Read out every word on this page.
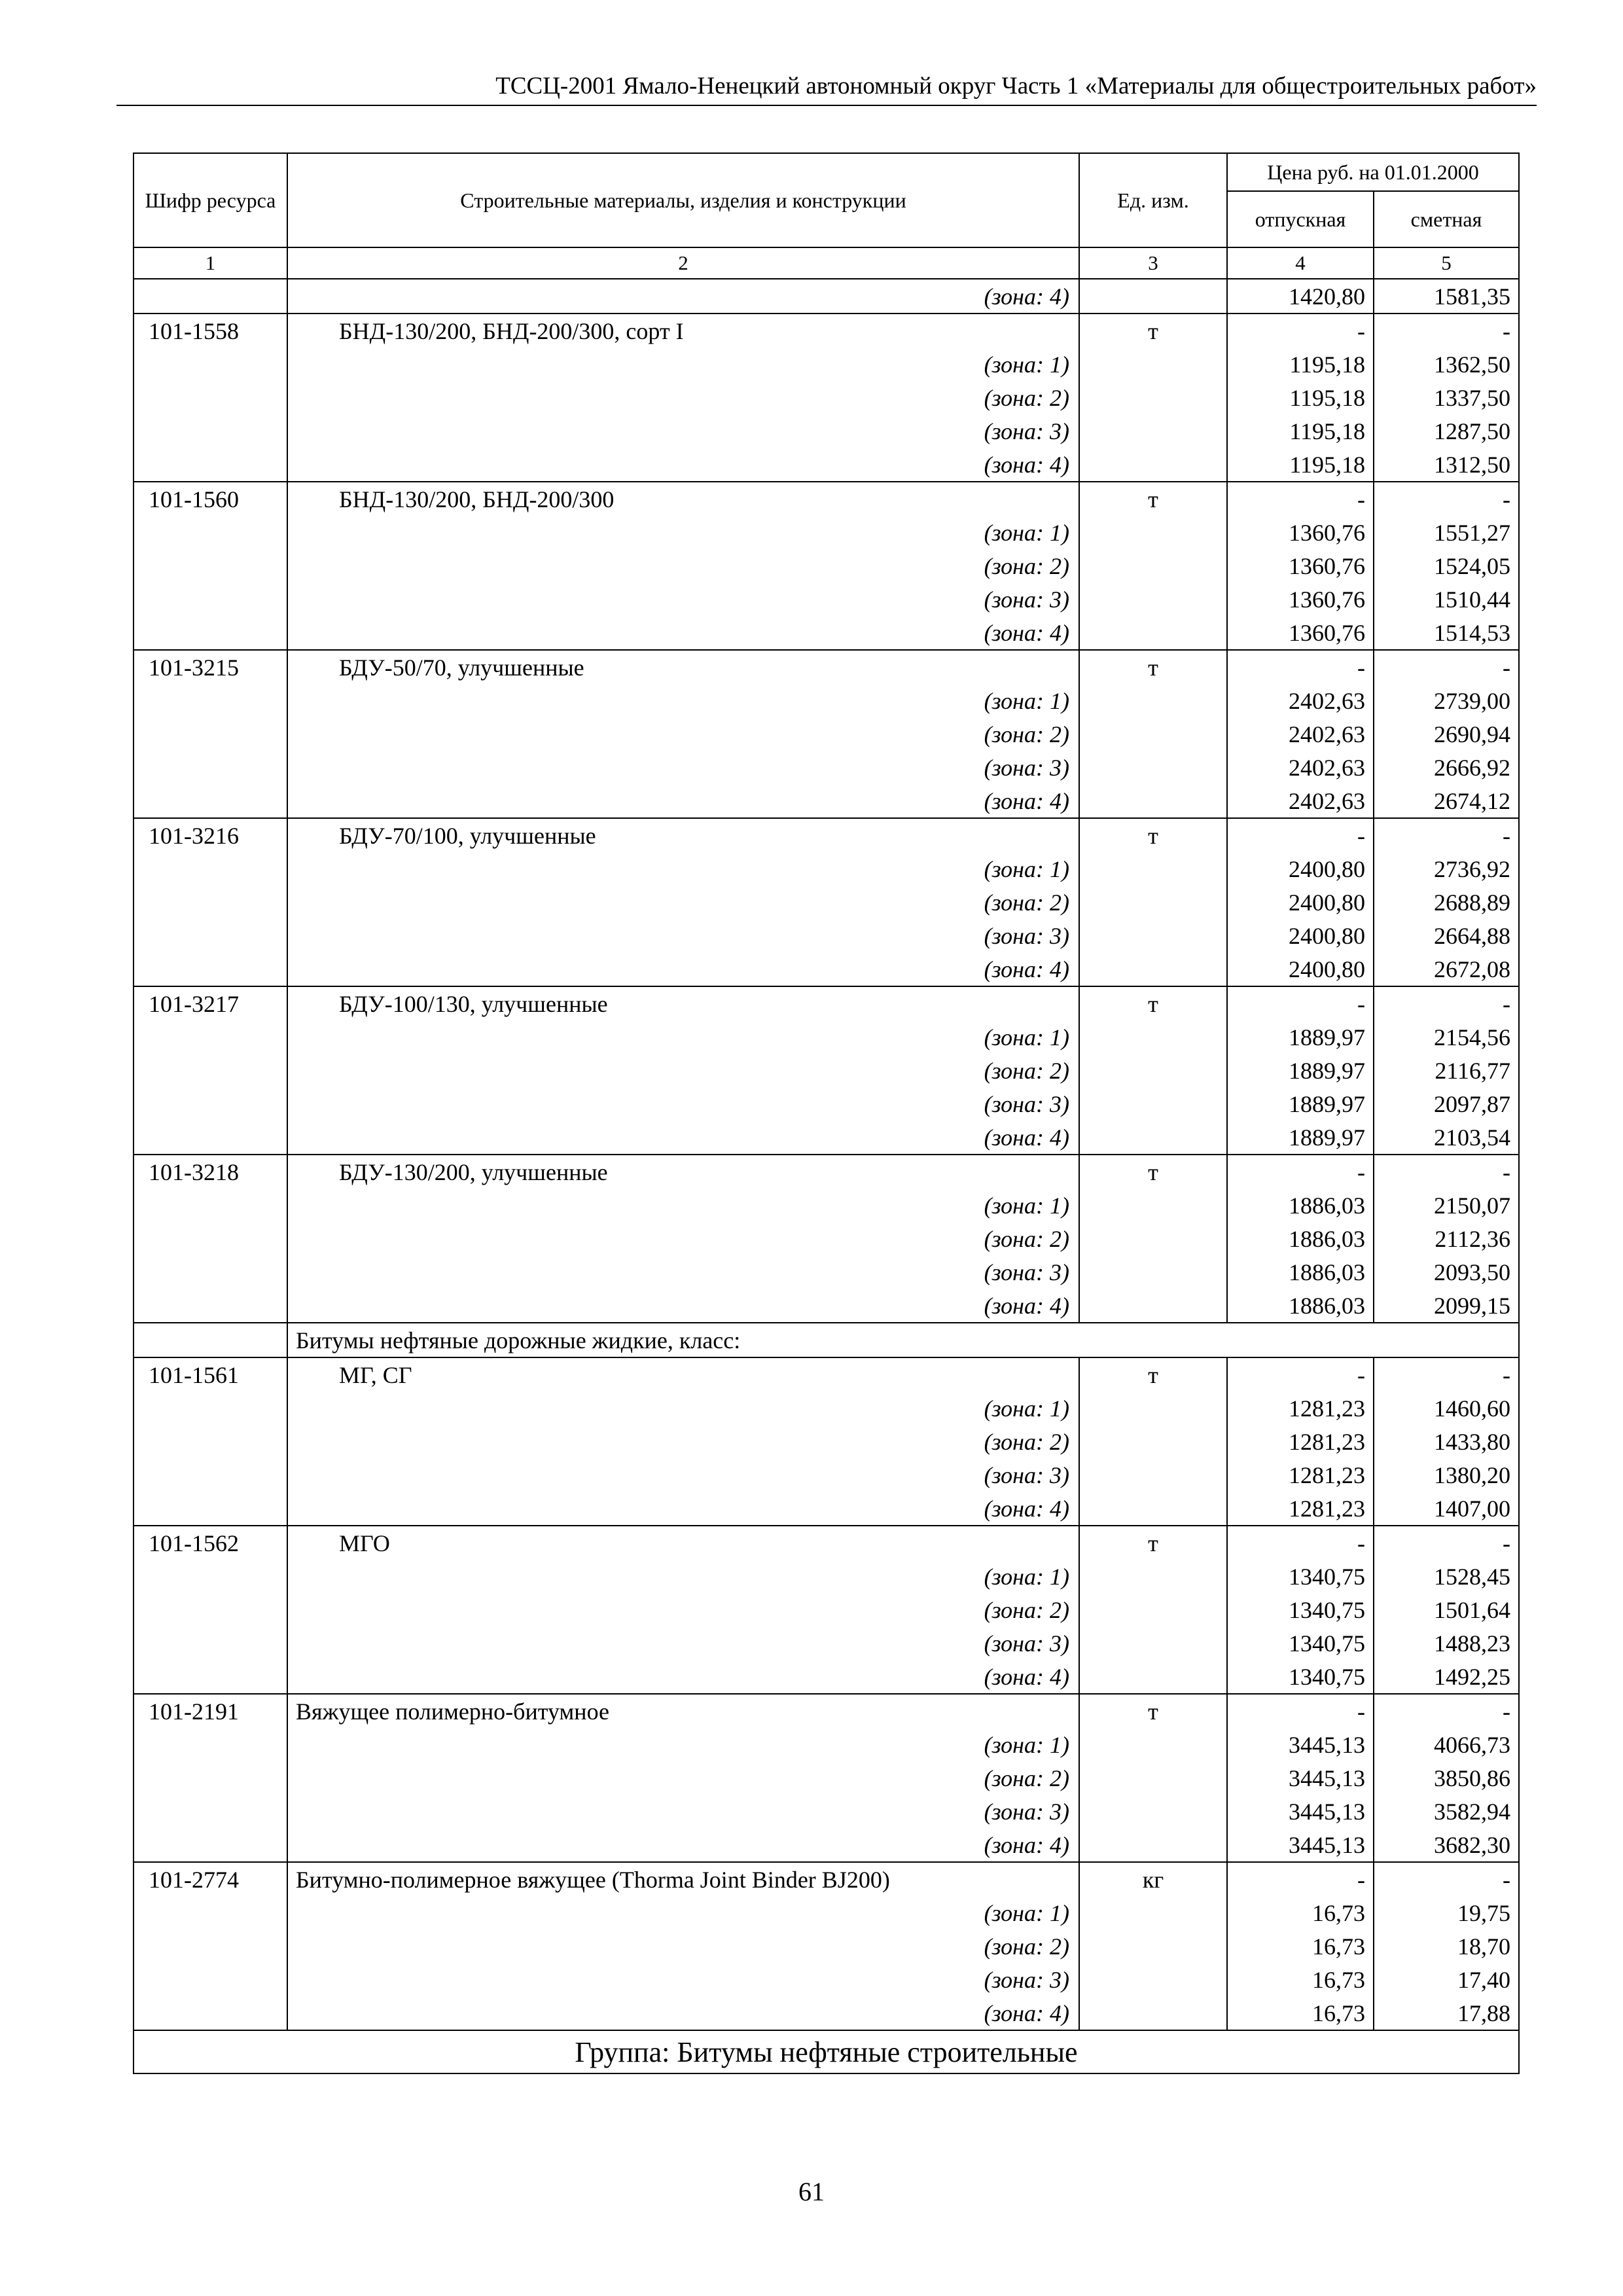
ТССЦ-2001 Ямало-Ненецкий автономный округ Часть 1 «Материалы для общестроительных работ»
Шифр ресурса	Строительные материалы, изделия и конструкции	Ед. изм.	Цена руб. на 01.01.2000	
			отпускная	сметная
1	2	3	4	5
	(зона: 4)		1420,80	1581,35
101-1558	БНД-130/200, БНД-200/300, сорт I	т	-	-
	(зона: 1)		1195,18	1362,50
	(зона: 2)		1195,18	1337,50
	(зона: 3)		1195,18	1287,50
	(зона: 4)		1195,18	1312,50
101-1560	БНД-130/200, БНД-200/300	т	-	-
	(зона: 1)		1360,76	1551,27
	(зона: 2)		1360,76	1524,05
	(зона: 3)		1360,76	1510,44
	(зона: 4)		1360,76	1514,53
101-3215	БДУ-50/70, улучшенные	т	-	-
	(зона: 1)		2402,63	2739,00
	(зона: 2)		2402,63	2690,94
	(зона: 3)		2402,63	2666,92
	(зона: 4)		2402,63	2674,12
101-3216	БДУ-70/100, улучшенные	т	-	-
	(зона: 1)		2400,80	2736,92
	(зона: 2)		2400,80	2688,89
	(зона: 3)		2400,80	2664,88
	(зона: 4)		2400,80	2672,08
101-3217	БДУ-100/130, улучшенные	т	-	-
	(зона: 1)		1889,97	2154,56
	(зона: 2)		1889,97	2116,77
	(зона: 3)		1889,97	2097,87
	(зона: 4)		1889,97	2103,54
101-3218	БДУ-130/200, улучшенные	т	-	-
	(зона: 1)		1886,03	2150,07
	(зона: 2)		1886,03	2112,36
	(зона: 3)		1886,03	2093,50
	(зона: 4)		1886,03	2099,15
	Битумы нефтяные дорожные жидкие, класс:			
101-1561	МГ, СГ	т	-	-
	(зона: 1)		1281,23	1460,60
	(зона: 2)		1281,23	1433,80
	(зона: 3)		1281,23	1380,20
	(зона: 4)		1281,23	1407,00
101-1562	МГО	т	-	-
	(зона: 1)		1340,75	1528,45
	(зона: 2)		1340,75	1501,64
	(зона: 3)		1340,75	1488,23
	(зона: 4)		1340,75	1492,25
101-2191	Вяжущее полимерно-битумное	т	-	-
	(зона: 1)		3445,13	4066,73
	(зона: 2)		3445,13	3850,86
	(зона: 3)		3445,13	3582,94
	(зона: 4)		3445,13	3682,30
101-2774	Битумно-полимерное вяжущее (Thorma Joint Binder BJ200)	кг	-	-
	(зона: 1)		16,73	19,75
	(зона: 2)		16,73	18,70
	(зона: 3)		16,73	17,40
	(зона: 4)		16,73	17,88
Группа: Битумы нефтяные строительные				
61
